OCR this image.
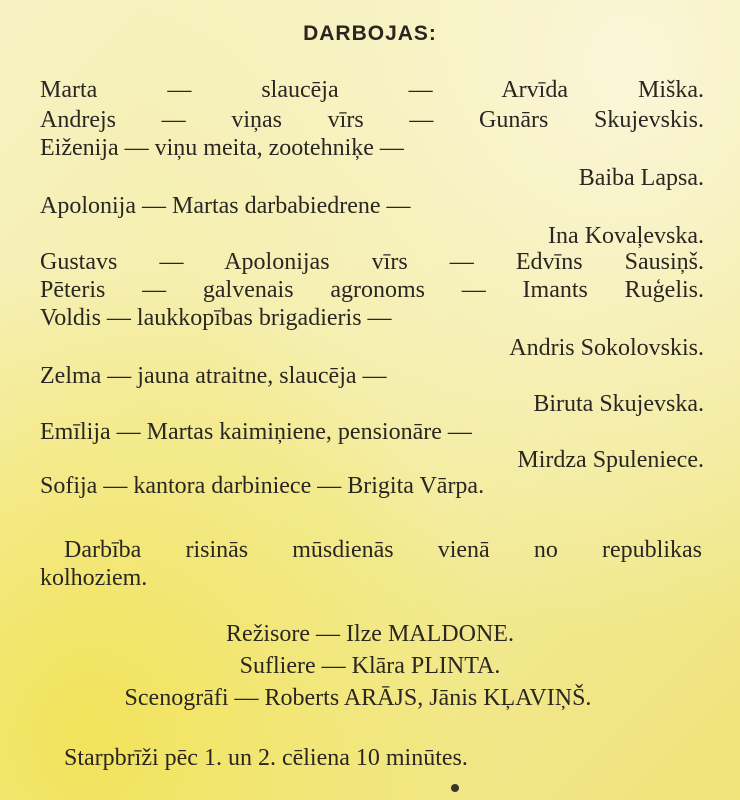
DARBOJAS:
Marta — slaucēja — Arvīda Miška.
Andrejs — viņas vīrs — Gunārs Skujevskis.
Eiženija — viņu meita, zootehniķe —
Baiba Lapsa.
Apolonija — Martas darbabiedrene —
Ina Kovaļevska.
Gustavs — Apolonijas vīrs — Edvīns Sausiņš.
Pēteris — galvenais agronoms — Imants Ruģelis.
Voldis — laukkopības brigadieris —
Andris Sokolovskis.
Zelma — jauna atraitne, slaucēja —
Biruta Skujevska.
Emīlija — Martas kaimiņiene, pensionāre —
Mirdza Spuleniece.
Sofija — kantora darbiniece — Brigita Vārpa.
Darbība risinās mūsdienās vienā no republikas
kolhoziem.
Režisore — Ilze MALDONE.
Sufliere — Klāra PLINTA.
Scenogrāfi — Roberts ARĀJS, Jānis KĻAVIŅŠ.
Starpbrīži pēc 1. un 2. cēliena 10 minūtes.
